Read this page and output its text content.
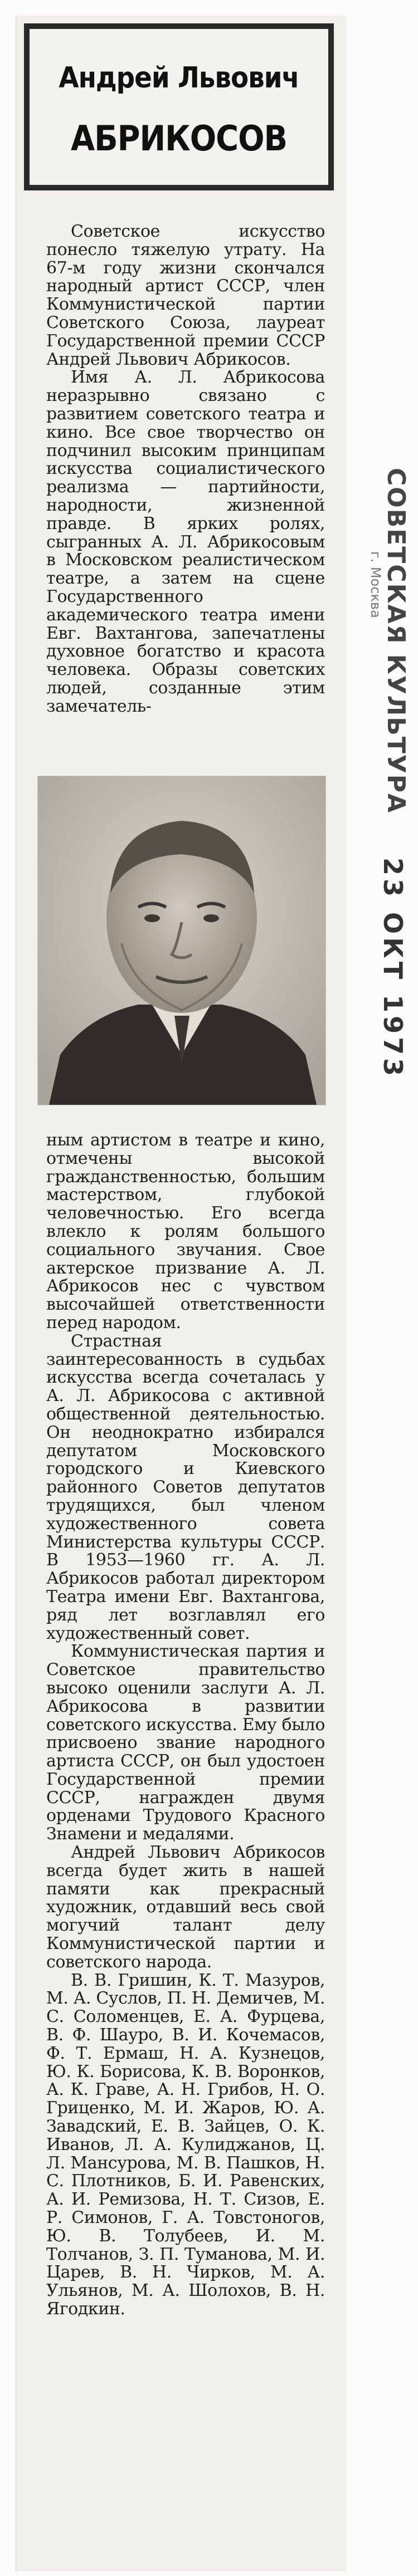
Андрей Львович
АБРИКОСОВ

Советское искусство понесло тяжелую утрату. На 67-м году жизни скончался народный артист СССР, член Коммунистической партии Советского Союза, лауреат Государственной премии СССР Андрей Львович Абрикосов.

Имя А. Л. Абрикосова неразрывно связано с развитием советского театра и кино. Все свое творчество он подчинил высоким принципам искусства социалистического реализма — партийности, народности, жизненной правде. В ярких ролях, сыгранных А. Л. Абрикосовым в Московском реалистическом театре, а затем на сцене Государственного академического театра имени Евг. Вахтангова, запечатлены духовное богатство и красота человека. Образы советских людей, созданные этим замечатель-

ным артистом в театре и кино, отмечены высокой гражданственностью, большим мастерством, глубокой человечностью. Его всегда влекло к ролям большого социального звучания. Свое актерское призвание А. Л. Абрикосов нес с чувством высочайшей ответственности перед народом.

Страстная заинтересованность в судьбах искусства всегда сочеталась у А. Л. Абрикосова с активной общественной деятельностью. Он неоднократно избирался депутатом Московского городского и Киевского районного Советов депутатов трудящихся, был членом художественного совета Министерства культуры СССР. В 1953—1960 гг. А. Л. Абрикосов работал директором Театра имени Евг. Вахтангова, ряд лет возглавлял его художественный совет.

Коммунистическая партия и Советское правительство высоко оценили заслуги А. Л. Абрикосова в развитии советского искусства. Ему было присвоено звание народного артиста СССР, он был удостоен Государственной премии СССР, награжден двумя орденами Трудового Красного Знамени и медалями.

Андрей Львович Абрикосов всегда будет жить в нашей памяти как прекрасный художник, отдавший весь свой могучий талант делу Коммунистической партии и советского народа.

В. В. Гришин, К. Т. Мазуров, М. А. Суслов, П. Н. Демичев, М. С. Соломенцев, Е. А. Фурцева, В. Ф. Шауро, В. И. Кочемасов, Ф. Т. Ермаш, Н. А. Кузнецов, Ю. К. Борисова, К. В. Воронков, А. К. Граве, А. Н. Грибов, Н. О. Гриценко, М. И. Жаров, Ю. А. Завадский, Е. В. Зайцев, О. К. Иванов, Л. А. Кулиджанов, Ц. Л. Мансурова, М. В. Пашков, Н. С. Плотников, Б. И. Равенских, А. И. Ремизова, Н. Т. Сизов, Е. Р. Симонов, Г. А. Товстоногов, Ю. В. Толубеев, И. М. Толчанов, З. П. Туманова, М. И. Царев, В. Н. Чирков, М. А. Ульянов, М. А. Шолохов, В. Н. Ягодкин.

СОВЕТСКАЯ КУЛЬТУРА
г. Москва
23 ОКТ 1973
